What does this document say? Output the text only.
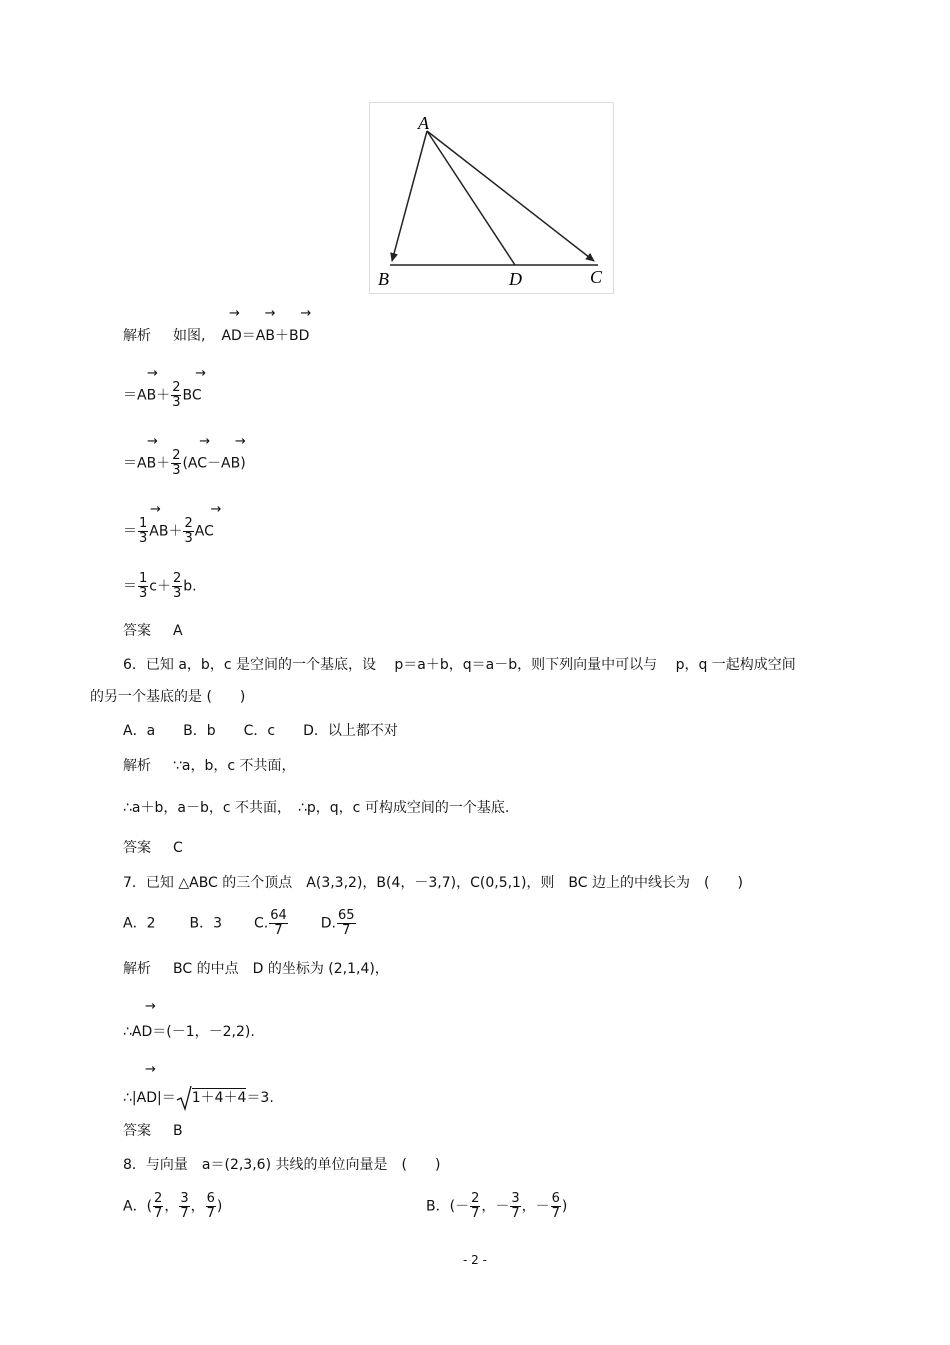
A
B	D	C
→      →      →
解析 如图, AD＝AB＋BD
→         →
$=AB+ \frac{2}{3}$ BC
→          →      →
$=AB+ \frac{2}{3} (AC-AB)$
→            →
＝ $\frac{1}{3} AB+ \frac{2}{3}$ AC
＝ $\frac{1}{3} c+ \frac{2}{3} b$.
答案 A
6．已知 a，b，c 是空间的一个基底，设　 p＝a＋b，q＝a－b，则下列向量中可以与　 p，q 一起构成空间
的另一个基底的是 (　　)
A．a　　B．b　　C．c　　D．以上都不对
解析 ∵a，b，c 不共面，
∴a＋b，a－b，c 不共面，　∴p，q，c 可构成空间的一个基底.
答案 C
7．已知 △ABC 的三个顶点　A(3,3,2)，B(4，－3,7)，C(0,5,1)，则　BC 边上的中线长为　(　　)
A．2 B．3 C. $\frac{64}{7} D$. $\frac{65}{7}$
解析 BC 的中点　D 的坐标为 (2,1,4)，
→
∴AD＝(－1，－2,2).
→
∴|AD|＝ 1＋4＋4＝3.
答案 B
8．与向量　a＝(2,3,6) 共线的单位向量是　(　　)
A．( $\frac{2}{7}$ ， $\frac{3}{7}$ ， $\frac{6}{7}$ )	B．(－ $\frac{2}{7}$ ，－ $\frac{3}{7}$ ，－ $\frac{6}{7}$ )
- 2 -
